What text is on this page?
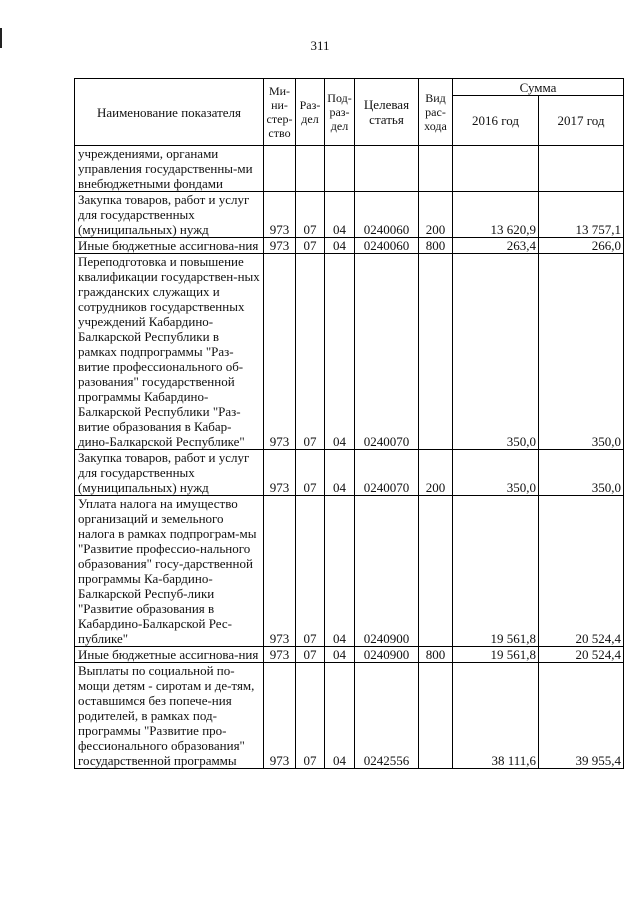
311
Наименование показателя	Ми-ни-стер-ство	Раз-дел	Под-раз-дел	Целевая статья	Вид рас-хода	Сумма	
						2016 год	2017 год
учреждениями, органами управления государственны-ми внебюджетными фондами							
Закупка товаров, работ и услуг для государственных (муниципальных) нужд	973	07	04	0240060	200	13 620,9	13 757,1
Иные бюджетные ассигнова-ния	973	07	04	0240060	800	263,4	266,0
Переподготовка и повышение квалификации государствен-ных гражданских служащих и сотрудников государственных учреждений Кабардино-Балкарской Республики в рамках подпрограммы "Раз-витие профессионального об-разования" государственной программы Кабардино-Балкарской Республики "Раз-витие образования в Кабар-дино-Балкарской Республике"	973	07	04	0240070		350,0	350,0
Закупка товаров, работ и услуг для государственных (муниципальных) нужд	973	07	04	0240070	200	350,0	350,0
Уплата налога на имущество организаций и земельного налога в рамках подпрограм-мы "Развитие профессио-нального образования" госу-дарственной программы Ка-бардино-Балкарской Респуб-лики "Развитие образования в Кабардино-Балкарской Рес-публике"	973	07	04	0240900		19 561,8	20 524,4
Иные бюджетные ассигнова-ния	973	07	04	0240900	800	19 561,8	20 524,4
Выплаты по социальной по-мощи детям - сиротам и де-тям, оставшимся без попече-ния родителей, в рамках под-программы "Развитие про-фессионального образования" государственной программы	973	07	04	0242556		38 111,6	39 955,4
